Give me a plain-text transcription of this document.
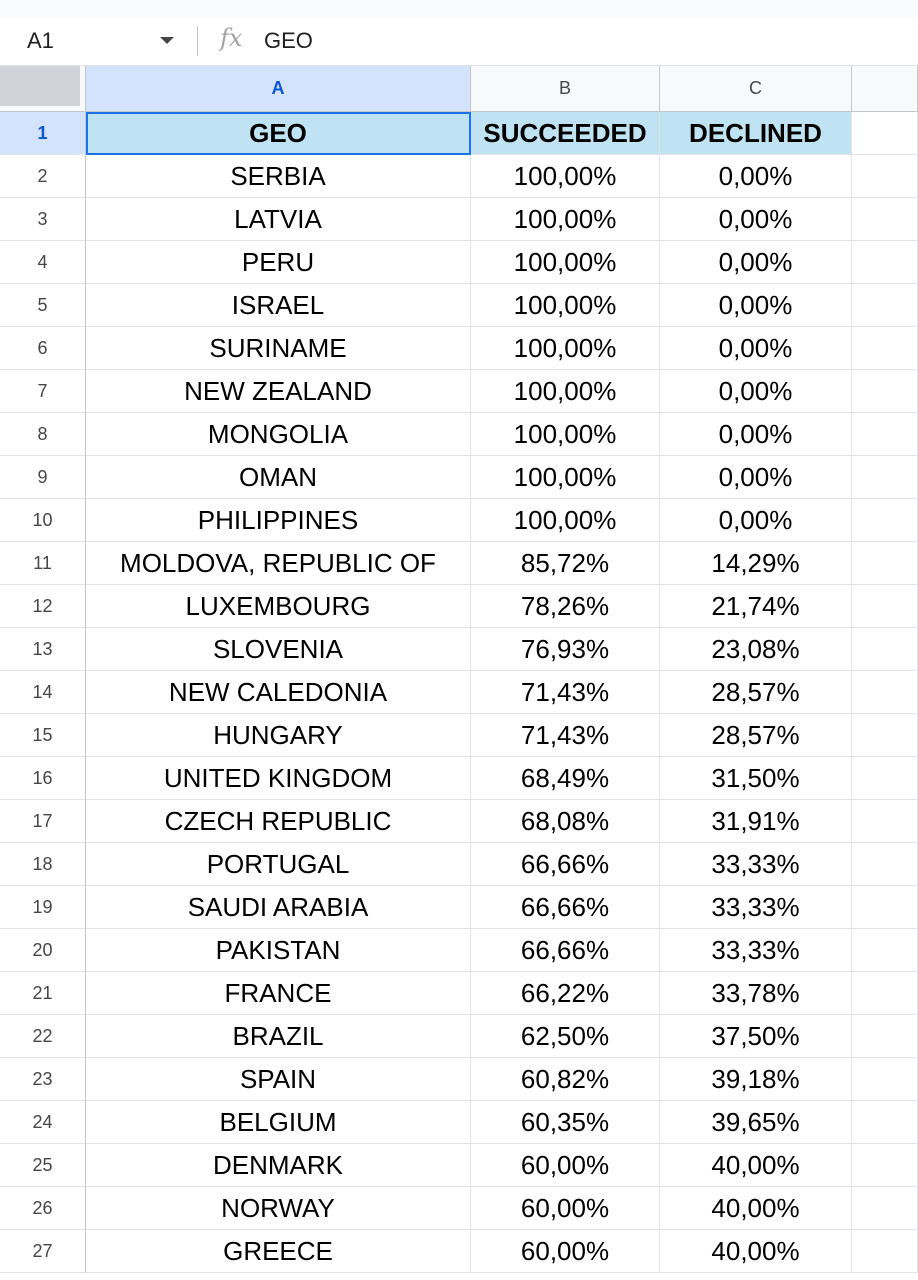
A1	fx GEO
A	B	C
1	GEO	SUCCEEDED	DECLINED
2	SERBIA	100,00%	0,00%
3	LATVIA	100,00%	0,00%
4	PERU	100,00%	0,00%
5	ISRAEL	100,00%	0,00%
6	SURINAME	100,00%	0,00%
7	NEW ZEALAND	100,00%	0,00%
8	MONGOLIA	100,00%	0,00%
9	OMAN	100,00%	0,00%
10	PHILIPPINES	100,00%	0,00%
11	MOLDOVA, REPUBLIC OF	85,72%	14,29%
12	LUXEMBOURG	78,26%	21,74%
13	SLOVENIA	76,93%	23,08%
14	NEW CALEDONIA	71,43%	28,57%
15	HUNGARY	71,43%	28,57%
16	UNITED KINGDOM	68,49%	31,50%
17	CZECH REPUBLIC	68,08%	31,91%
18	PORTUGAL	66,66%	33,33%
19	SAUDI ARABIA	66,66%	33,33%
20	PAKISTAN	66,66%	33,33%
21	FRANCE	66,22%	33,78%
22	BRAZIL	62,50%	37,50%
23	SPAIN	60,82%	39,18%
24	BELGIUM	60,35%	39,65%
25	DENMARK	60,00%	40,00%
26	NORWAY	60,00%	40,00%
27	GREECE	60,00%	40,00%
